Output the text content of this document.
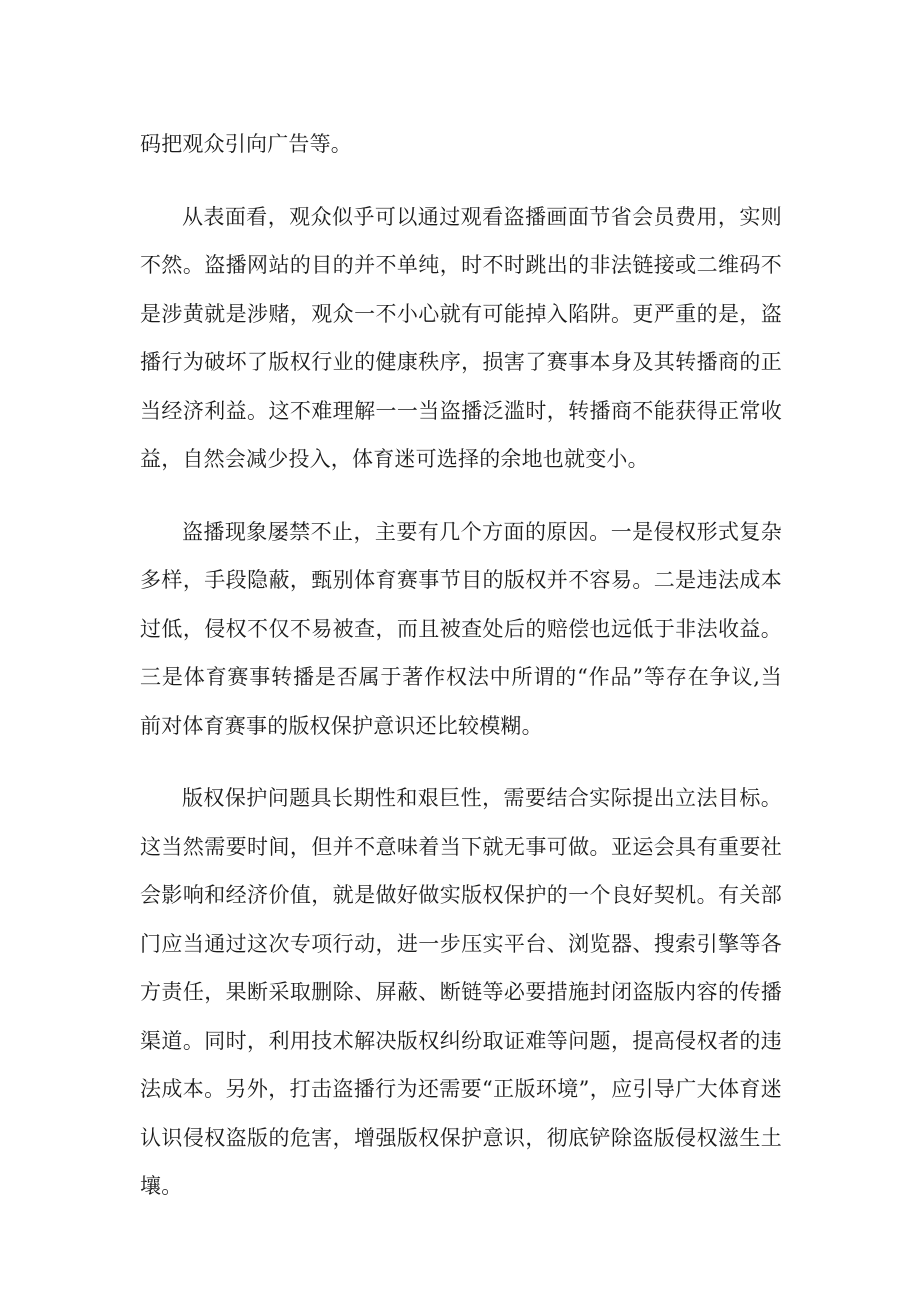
码把观众引向广告等。

从表面看，观众似乎可以通过观看盗播画面节省会员费用，实则不然。盗播网站的目的并不单纯，时不时跳出的非法链接或二维码不是涉黄就是涉赌，观众一不小心就有可能掉入陷阱。更严重的是，盗播行为破坏了版权行业的健康秩序，损害了赛事本身及其转播商的正当经济利益。这不难理解一一当盗播泛滥时，转播商不能获得正常收益，自然会减少投入，体育迷可选择的余地也就变小。

盗播现象屡禁不止，主要有几个方面的原因。一是侵权形式复杂多样，手段隐蔽，甄别体育赛事节目的版权并不容易。二是违法成本过低，侵权不仅不易被查，而且被查处后的赔偿也远低于非法收益。三是体育赛事转播是否属于著作权法中所谓的“作品”等存在争议,当前对体育赛事的版权保护意识还比较模糊。

版权保护问题具长期性和艰巨性，需要结合实际提出立法目标。这当然需要时间，但并不意味着当下就无事可做。亚运会具有重要社会影响和经济价值，就是做好做实版权保护的一个良好契机。有关部门应当通过这次专项行动，进一步压实平台、浏览器、搜索引擎等各方责任，果断采取删除、屏蔽、断链等必要措施封闭盗版内容的传播渠道。同时，利用技术解决版权纠纷取证难等问题，提高侵权者的违法成本。另外，打击盗播行为还需要“正版环境”，应引导广大体育迷认识侵权盗版的危害，增强版权保护意识，彻底铲除盗版侵权滋生土壤。
